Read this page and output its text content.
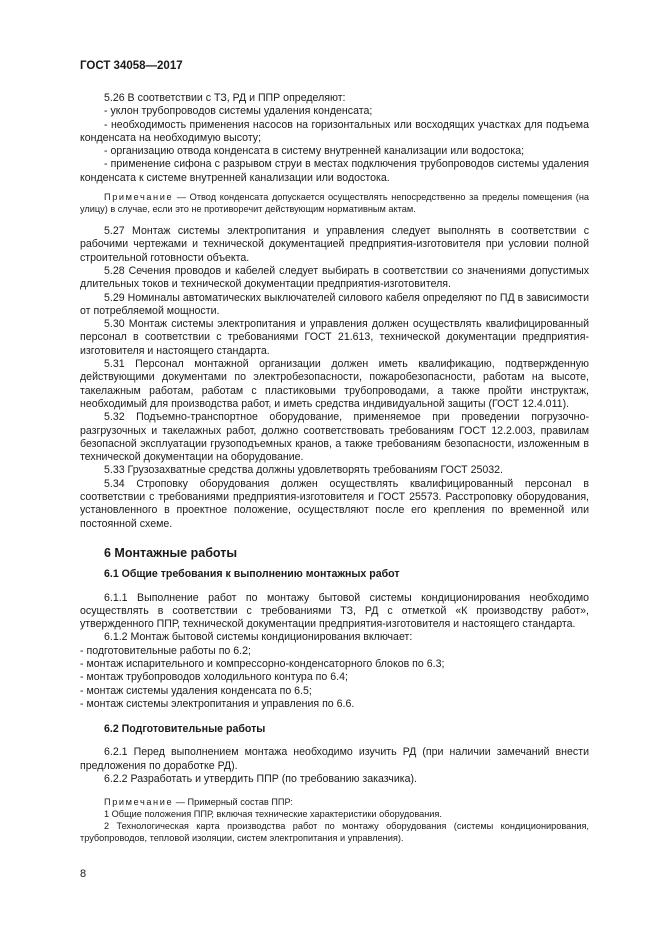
ГОСТ 34058—2017

5.26 В соответствии с ТЗ, РД и ППР определяют:

- уклон трубопроводов системы удаления конденсата;

- необходимость применения насосов на горизонтальных или восходящих участках для подъема конденсата на необходимую высоту;

- организацию отвода конденсата в систему внутренней канализации или водостока;

- применение сифона с разрывом струи в местах подключения трубопроводов системы удаления конденсата к системе внутренней канализации или водостока.

Примечание — Отвод конденсата допускается осуществлять непосредственно за пределы помещения (на улицу) в случае, если это не противоречит действующим нормативным актам.

5.27 Монтаж системы электропитания и управления следует выполнять в соответствии с рабочими чертежами и технической документацией предприятия-изготовителя при условии полной строительной готовности объекта.

5.28 Сечения проводов и кабелей следует выбирать в соответствии со значениями допустимых длительных токов и технической документации предприятия-изготовителя.

5.29 Номиналы автоматических выключателей силового кабеля определяют по ПД в зависимости от потребляемой мощности.

5.30 Монтаж системы электропитания и управления должен осуществлять квалифицированный персонал в соответствии с требованиями ГОСТ 21.613, технической документации предприятия-изготовителя и настоящего стандарта.

5.31 Персонал монтажной организации должен иметь квалификацию, подтвержденную действующими документами по электробезопасности, пожаробезопасности, работам на высоте, такелажным работам, работам с пластиковыми трубопроводами, а также пройти инструктаж, необходимый для производства работ, и иметь средства индивидуальной защиты (ГОСТ 12.4.011).

5.32 Подъемно-транспортное оборудование, применяемое при проведении погрузочно-разгрузочных и такелажных работ, должно соответствовать требованиям ГОСТ 12.2.003, правилам безопасной эксплуатации грузоподъемных кранов, а также требованиям безопасности, изложенным в технической документации на оборудование.

5.33 Грузозахватные средства должны удовлетворять требованиям ГОСТ 25032.

5.34 Строповку оборудования должен осуществлять квалифицированный персонал в соответствии с требованиями предприятия-изготовителя и ГОСТ 25573. Расстроповку оборудования, установленного в проектное положение, осуществляют после его крепления по временной или постоянной схеме.

6 Монтажные работы
6.1 Общие требования к выполнению монтажных работ

6.1.1 Выполнение работ по монтажу бытовой системы кондиционирования необходимо осуществлять в соответствии с требованиями ТЗ, РД с отметкой «К производству работ», утвержденного ППР, технической документации предприятия-изготовителя и настоящего стандарта.

6.1.2 Монтаж бытовой системы кондиционирования включает:

- подготовительные работы по 6.2;

- монтаж испарительного и компрессорно-конденсаторного блоков по 6.3;

- монтаж трубопроводов холодильного контура по 6.4;

- монтаж системы удаления конденсата по 6.5;

- монтаж системы электропитания и управления по 6.6.

6.2 Подготовительные работы

6.2.1 Перед выполнением монтажа необходимо изучить РД (при наличии замечаний внести предложения по доработке РД).

6.2.2 Разработать и утвердить ППР (по требованию заказчика).

Примечание — Примерный состав ППР:

1 Общие положения ППР, включая технические характеристики оборудования.

2 Технологическая карта производства работ по монтажу оборудования (системы кондиционирования, трубопроводов, тепловой изоляции, систем электропитания и управления).

8
